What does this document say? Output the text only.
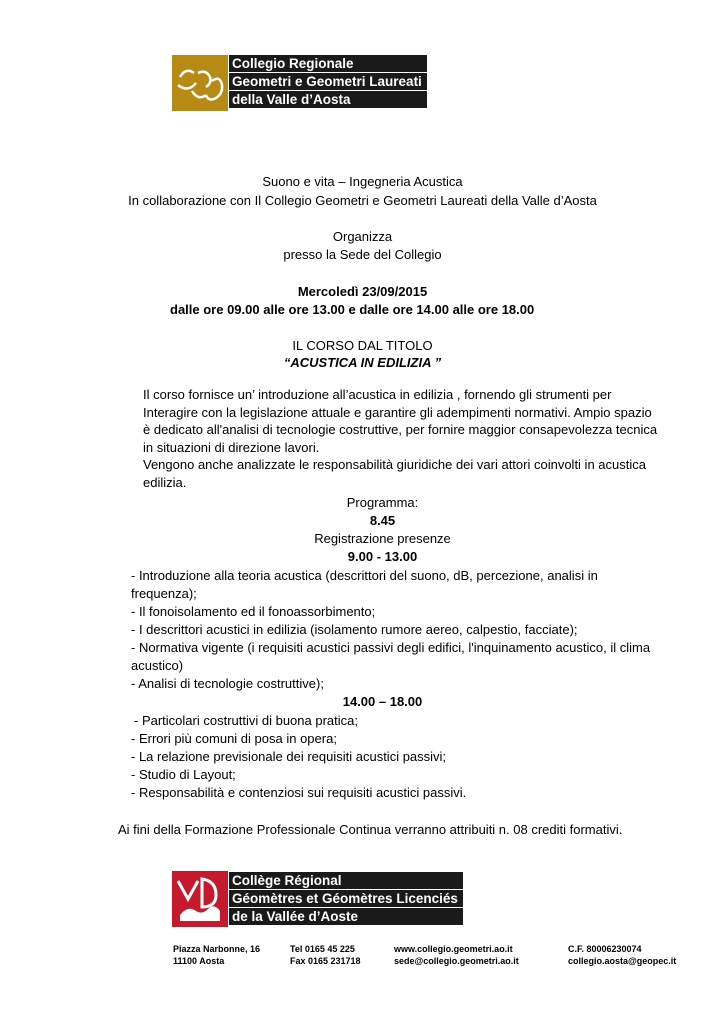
Collegio Regionale
Geometri e Geometri Laureati
della Valle d’Aosta
Suono e vita – Ingegneria Acustica
In collaborazione con Il Collegio Geometri e Geometri Laureati della Valle d’Aosta
Organizza
presso la Sede del Collegio
Mercoledì 23/09/2015
dalle ore 09.00 alle ore 13.00 e dalle ore 14.00 alle ore 18.00
IL CORSO DAL TITOLO
“ACUSTICA IN EDILIZIA ”
Il corso fornisce un’ introduzione all’acustica in edilizia , fornendo gli strumenti per
Interagire con la legislazione attuale e garantire gli adempimenti normativi. Ampio spazio
è dedicato all'analisi di tecnologie costruttive, per fornire maggior consapevolezza tecnica
in situazioni di direzione lavori.
Vengono anche analizzate le responsabilità giuridiche dei vari attori coinvolti in acustica
edilizia.
Programma:
8.45
Registrazione presenze
9.00 - 13.00
- Introduzione alla teoria acustica (descrittori del suono, dB, percezione, analisi in
frequenza);
- Il fonoisolamento ed il fonoassorbimento;
- I descrittori acustici in edilizia (isolamento rumore aereo, calpestio, facciate);
- Normativa vigente (i requisiti acustici passivi degli edifici, l'inquinamento acustico, il clima
acustico)
- Analisi di tecnologie costruttive);
14.00 – 18.00
- Particolari costruttivi di buona pratica;
- Errori più comuni di posa in opera;
- La relazione previsionale dei requisiti acustici passivi;
- Studio di Layout;
- Responsabilità e contenziosi sui requisiti acustici passivi.
Ai fini della Formazione Professionale Continua verranno attribuiti n. 08 crediti formativi.
Collège Régional
Géomètres et Géomètres Licenciés
de la Vallée d’Aoste
Piazza Narbonne, 16
11100 Aosta
Tel 0165 45 225
Fax 0165 231718
www.collegio.geometri.ao.it
sede@collegio.geometri.ao.it
C.F. 80006230074
collegio.aosta@geopec.it
